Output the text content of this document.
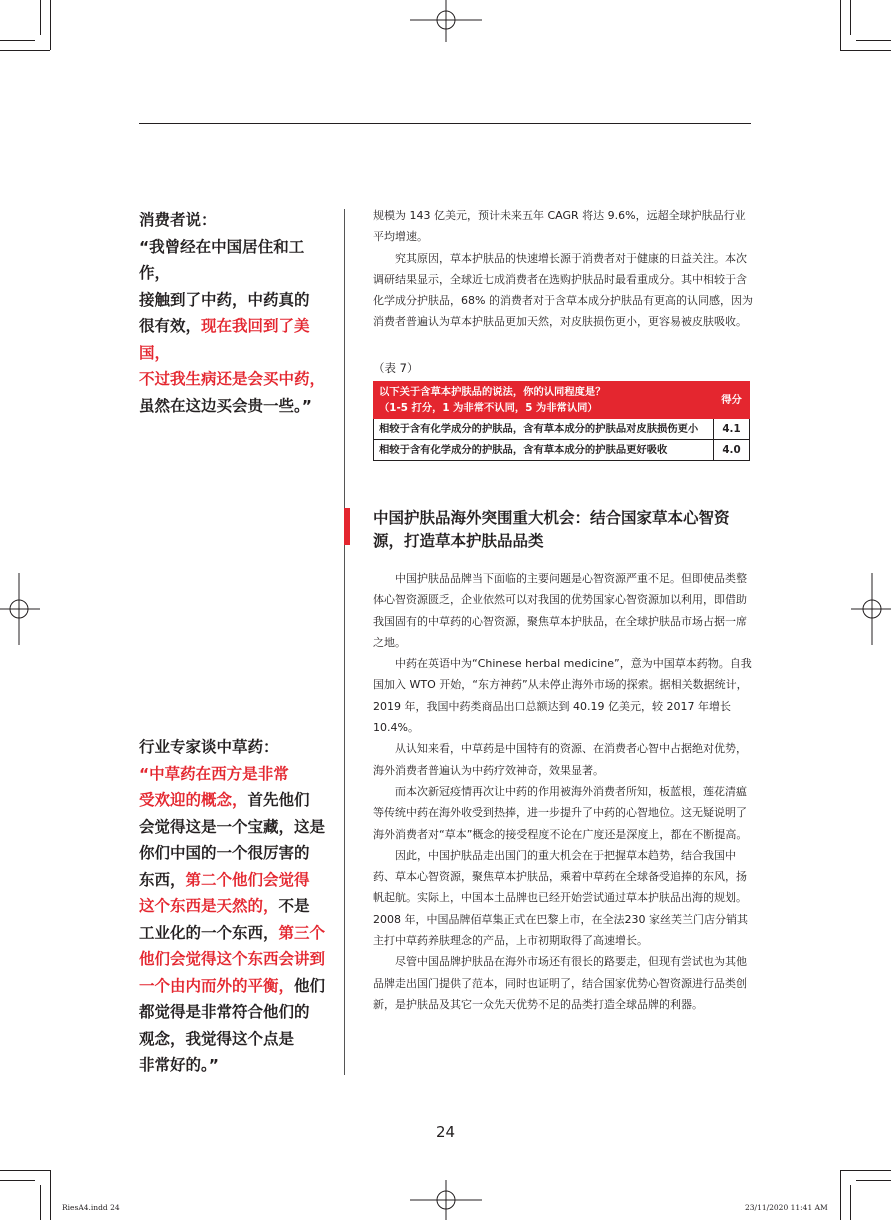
消费者说：

“我曾经在中国居住和工作，

接触到了中药，中药真的

很有效，现在我回到了美国，

不过我生病还是会买中药，

虽然在这边买会贵一些。”

行业专家谈中草药：

“中草药在西方是非常

受欢迎的概念，首先他们

会觉得这是一个宝藏，这是

你们中国的一个很厉害的

东西，第二个他们会觉得

这个东西是天然的，不是

工业化的一个东西，第三个

他们会觉得这个东西会讲到

一个由内而外的平衡，他们

都觉得是非常符合他们的

观念，我觉得这个点是

非常好的。”

规模为 143 亿美元，预计未来五年 CAGR 将达 9.6%，远超全球护肤品行业平均增速。

究其原因，草本护肤品的快速增长源于消费者对于健康的日益关注。本次调研结果显示，全球近七成消费者在选购护肤品时最看重成分。其中相较于含化学成分护肤品，68% 的消费者对于含草本成分护肤品有更高的认同感，因为消费者普遍认为草本护肤品更加天然，对皮肤损伤更小，更容易被皮肤吸收。

（表 7）
以下关于含草本护肤品的说法，你的认同程度是？
（1-5 打分，1 为非常不认同，5 为非常认同）	得分
相较于含有化学成分的护肤品，含有草本成分的护肤品对皮肤损伤更小	4.1
相较于含有化学成分的护肤品，含有草本成分的护肤品更好吸收	4.0
中国护肤品海外突围重大机会：结合国家草本心智资源，打造草本护肤品品类

中国护肤品品牌当下面临的主要问题是心智资源严重不足。但即使品类整体心智资源匮乏，企业依然可以对我国的优势国家心智资源加以利用，即借助我国固有的中草药的心智资源，聚焦草本护肤品，在全球护肤品市场占据一席之地。

中药在英语中为“Chinese herbal medicine”，意为中国草本药物。自我国加入 WTO 开始，“东方神药”从未停止海外市场的探索。据相关数据统计，2019 年，我国中药类商品出口总额达到 40.19 亿美元，较 2017 年增长 10.4%。

从认知来看，中草药是中国特有的资源、在消费者心智中占据绝对优势，海外消费者普遍认为中药疗效神奇，效果显著。

而本次新冠疫情再次让中药的作用被海外消费者所知，板蓝根，莲花清瘟等传统中药在海外收受到热捧，进一步提升了中药的心智地位。这无疑说明了海外消费者对“草本”概念的接受程度不论在广度还是深度上，都在不断提高。

因此，中国护肤品走出国门的重大机会在于把握草本趋势，结合我国中药、草本心智资源，聚焦草本护肤品，乘着中草药在全球备受追捧的东风，扬帆起航。实际上，中国本土品牌也已经开始尝试通过草本护肤品出海的规划。2008 年，中国品牌佰草集正式在巴黎上市，在全法230 家丝芙兰门店分销其主打中草药养肤理念的产品，上市初期取得了高速增长。

尽管中国品牌护肤品在海外市场还有很长的路要走，但现有尝试也为其他品牌走出国门提供了范本，同时也证明了，结合国家优势心智资源进行品类创新，是护肤品及其它一众先天优势不足的品类打造全球品牌的利器。

24
RiesA4.indd 24	23/11/2020 11:41 AM
